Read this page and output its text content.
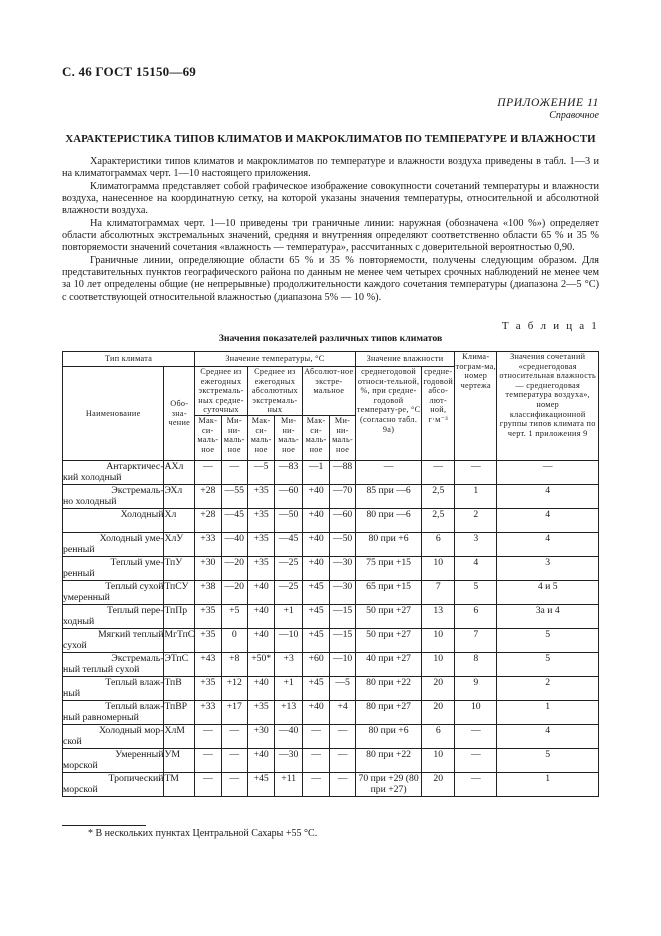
С. 46 ГОСТ 15150—69
ПРИЛОЖЕНИЕ 11
Справочное
ХАРАКТЕРИСТИКА ТИПОВ КЛИМАТОВ И МАКРОКЛИМАТОВ ПО ТЕМПЕРАТУРЕ И ВЛАЖНОСТИ

Характеристики типов климатов и макроклиматов по температуре и влажности воздуха приведены в табл. 1—3 и на климатограммах черт. 1—10 настоящего приложения.

Климатограмма представляет собой графическое изображение совокупности сочетаний температуры и влажности воздуха, нанесенное на координатную сетку, на которой указаны значения температуры, относительной и абсолютной влажности воздуха.

На климатограммах черт. 1—10 приведены три граничные линии: наружная (обозначена «100 %») определяет области абсолютных экстремальных значений, средняя и внутренняя определяют соответственно области 65 % и 35 % повторяемости значений сочетания «влажность — температура», рассчитанных с доверительной вероятностью 0,90.

Граничные линии, определяющие области 65 % и 35 % повторяемости, получены следующим образом. Для представительных пунктов географического района по данным не менее чем четырех срочных наблюдений не менее чем за 10 лет определены общие (не непрерывные) продолжительности каждого сочетания температуры (диапазона 2—5 °С) с соответствующей относительной влажностью (диапазона 5% — 10 %).

Т а б л и ц а 1
Значения показателей различных типов климатов
Тип климата		Значение температуры, °С						Значение влажности		Клима-тограм-ма, номер чертежа	Значения сочетаний «среднегодовая относительная влажность — среднегодовая температура воздуха», номер классификационной группы типов климата по черт. 1 приложения 9
Наименование	Обо-зна-чение	Среднее из ежегодных экстремаль-ных средне-суточных		Среднее из ежегодных абсолютных экстремаль-ных		Абсолют-ное экстре-мальное		среднегодовой относи-тельной, %, при средне-годовой температу-ре, °С (согласно табл. 9а)	средне-годовой абсо-лют-ной, г·м⁻³		
		Мак-си-маль-ное	Ми-ни-маль-ное	Мак-си-маль-ное	Ми-ни-маль-ное	Мак-си-маль-ное	Ми-ни-маль-ное				

Антарктичес-
кий холодный	АХл	—	—	—5	—83	—1	—88	—	—	—	—

Экстремаль-
но холодный	ЭХл	+28	—55	+35	—60	+40	—70	85 при —6	2,5	1	4

Холодный	Хл	+28	—45	+35	—50	+40	—60	80 при —6	2,5	2	4

Холодный уме-
ренный	ХлУ	+33	—40	+35	—45	+40	—50	80 при +6	6	3	4

Теплый уме-
ренный	ТпУ	+30	—20	+35	—25	+40	—30	75 при +15	10	4	3

Теплый сухой
умеренный	ТпСУ	+38	—20	+40	—25	+45	—30	65 при +15	7	5	4 и 5

Теплый пере-
ходный	ТпПр	+35	+5	+40	+1	+45	—15	50 при +27	13	6	3a и 4

Мягкий теплый
сухой	МгТпС	+35	0	+40	—10	+45	—15	50 при +27	10	7	5

Экстремаль-
ный теплый сухой	ЭТпС	+43	+8	+50*	+3	+60	—10	40 при +27	10	8	5

Теплый влаж-
ный	ТпВ	+35	+12	+40	+1	+45	—5	80 при +22	20	9	2

Теплый влаж-
ный равномерный	ТпВР	+33	+17	+35	+13	+40	+4	80 при +27	20	10	1

Холодный мор-
ской	ХлМ	—	—	+30	—40	—	—	80 при +6	6	—	4

Умеренный
морской	УМ	—	—	+40	—30	—	—	80 при +22	10	—	5

Тропический
морской	ТМ	—	—	+45	+11	—	—	70 при +29 (80 при +27)	20	—	1
* В нескольких пунктах Центральной Сахары +55 °С.
